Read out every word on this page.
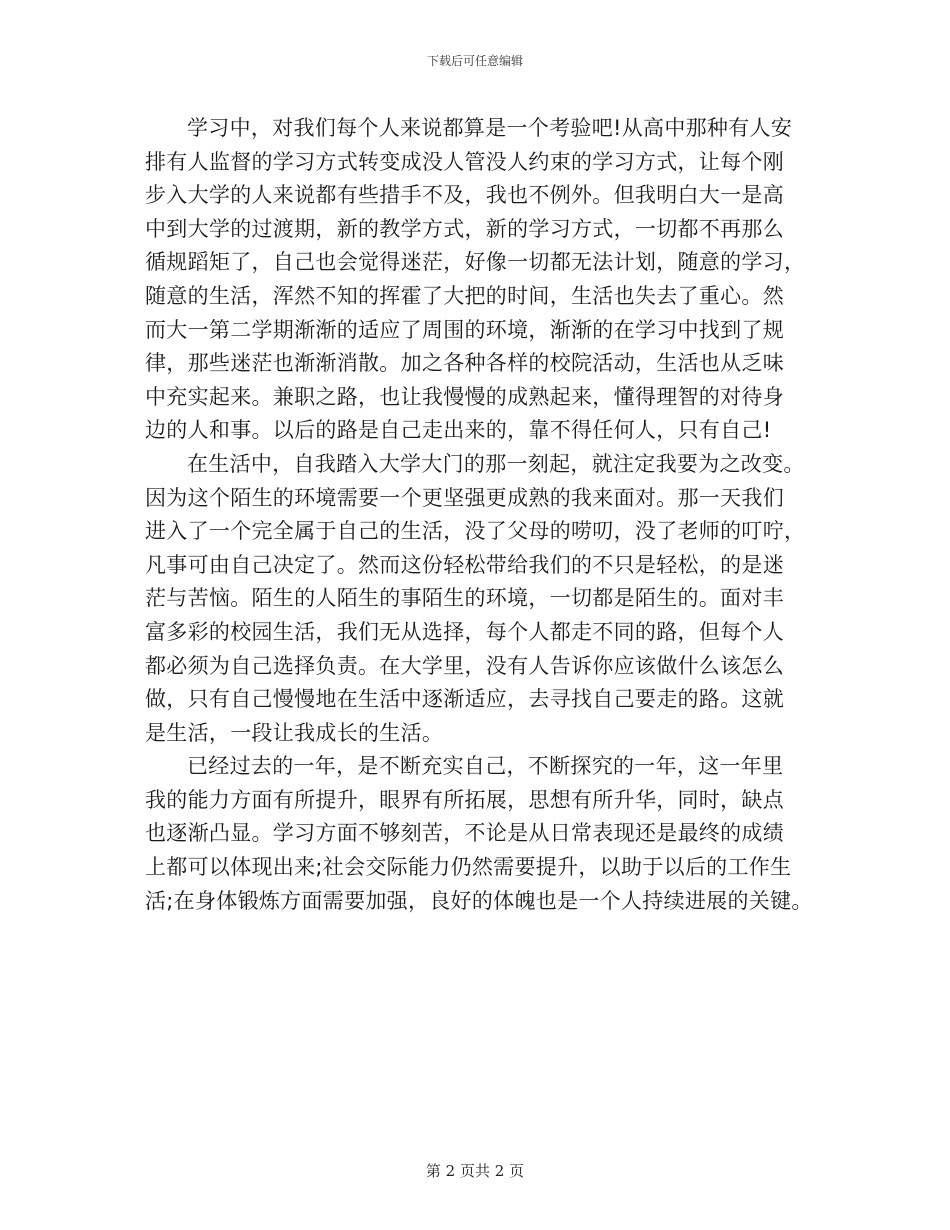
下载后可任意编辑

学习中，对我们每个人来说都算是一个考验吧!从高中那种有人安
排有人监督的学习方式转变成没人管没人约束的学习方式，让每个刚
步入大学的人来说都有些措手不及，我也不例外。但我明白大一是高
中到大学的过渡期，新的教学方式，新的学习方式，一切都不再那么
循规蹈矩了，自己也会觉得迷茫，好像一切都无法计划，随意的学习，
随意的生活，浑然不知的挥霍了大把的时间，生活也失去了重心。然
而大一第二学期渐渐的适应了周围的环境，渐渐的在学习中找到了规
律，那些迷茫也渐渐消散。加之各种各样的校院活动，生活也从乏味
中充实起来。兼职之路，也让我慢慢的成熟起来，懂得理智的对待身
边的人和事。以后的路是自己走出来的，靠不得任何人，只有自己!

在生活中，自我踏入大学大门的那一刻起，就注定我要为之改变。
因为这个陌生的环境需要一个更坚强更成熟的我来面对。那一天我们
进入了一个完全属于自己的生活，没了父母的唠叨，没了老师的叮咛，
凡事可由自己决定了。然而这份轻松带给我们的不只是轻松，的是迷
茫与苦恼。陌生的人陌生的事陌生的环境，一切都是陌生的。面对丰
富多彩的校园生活，我们无从选择，每个人都走不同的路，但每个人
都必须为自己选择负责。在大学里，没有人告诉你应该做什么该怎么
做，只有自己慢慢地在生活中逐渐适应，去寻找自己要走的路。这就
是生活，一段让我成长的生活。

已经过去的一年，是不断充实自己，不断探究的一年，这一年里
我的能力方面有所提升，眼界有所拓展，思想有所升华，同时，缺点
也逐渐凸显。学习方面不够刻苦，不论是从日常表现还是最终的成绩
上都可以体现出来;社会交际能力仍然需要提升，以助于以后的工作生
活;在身体锻炼方面需要加强，良好的体魄也是一个人持续进展的关键。

第 2 页共 2 页
